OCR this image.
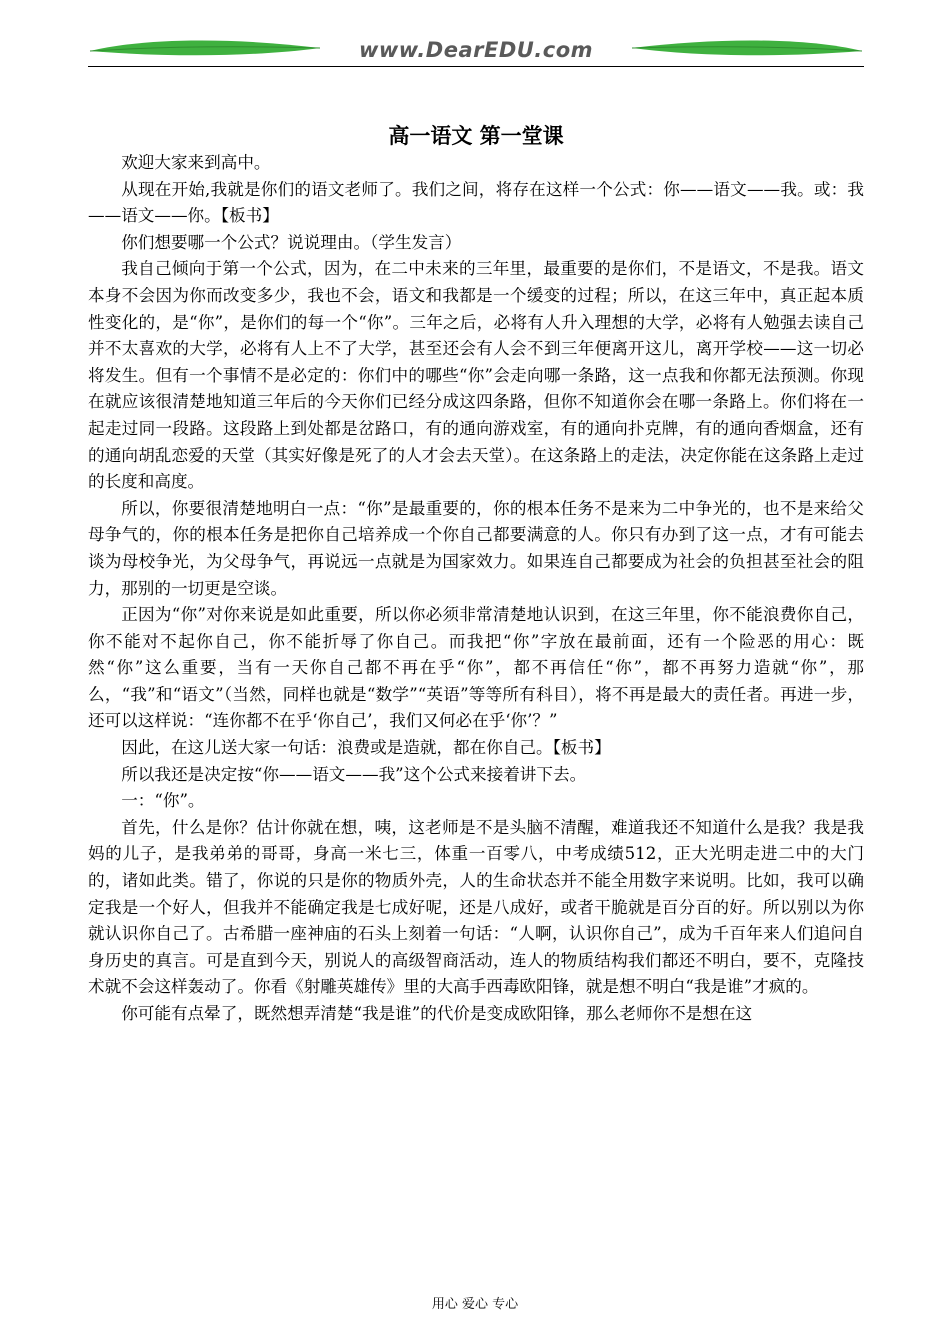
www.DearEDU.com
高一语文 第一堂课

欢迎大家来到高中。

从现在开始,我就是你们的语文老师了。我们之间，将存在这样一个公式：你——语文——我。或：我——语文——你。【板书】

你们想要哪一个公式？说说理由。（学生发言）

我自己倾向于第一个公式，因为，在二中未来的三年里，最重要的是你们，不是语文，不是我。语文本身不会因为你而改变多少，我也不会，语文和我都是一个缓变的过程；所以，在这三年中，真正起本质性变化的，是“你”，是你们的每一个“你”。三年之后，必将有人升入理想的大学，必将有人勉强去读自己并不太喜欢的大学，必将有人上不了大学，甚至还会有人会不到三年便离开这儿，离开学校——这一切必将发生。但有一个事情不是必定的：你们中的哪些“你”会走向哪一条路，这一点我和你都无法预测。你现在就应该很清楚地知道三年后的今天你们已经分成这四条路，但你不知道你会在哪一条路上。你们将在一起走过同一段路。这段路上到处都是岔路口，有的通向游戏室，有的通向扑克牌，有的通向香烟盒，还有的通向胡乱恋爱的天堂（其实好像是死了的人才会去天堂）。在这条路上的走法，决定你能在这条路上走过的长度和高度。

所以，你要很清楚地明白一点：“你”是最重要的，你的根本任务不是来为二中争光的，也不是来给父母争气的，你的根本任务是把你自己培养成一个你自己都要满意的人。你只有办到了这一点，才有可能去谈为母校争光，为父母争气，再说远一点就是为国家效力。如果连自己都要成为社会的负担甚至社会的阻力，那别的一切更是空谈。

正因为“你”对你来说是如此重要，所以你必须非常清楚地认识到，在这三年里，你不能浪费你自己，你不能对不起你自己，你不能折辱了你自己。而我把“你”字放在最前面，还有一个险恶的用心：既然“你”这么重要，当有一天你自己都不再在乎“你”，都不再信任“你”，都不再努力造就“你”，那么，“我”和“语文”（当然，同样也就是“数学”“英语”等等所有科目），将不再是最大的责任者。再进一步，还可以这样说：“连你都不在乎‘你自己’，我们又何必在乎‘你’？”

因此，在这儿送大家一句话：浪费或是造就，都在你自己。【板书】

所以我还是决定按“你——语文——我”这个公式来接着讲下去。

一：“你”。

首先，什么是你？估计你就在想，咦，这老师是不是头脑不清醒，难道我还不知道什么是我？我是我妈的儿子，是我弟弟的哥哥，身高一米七三，体重一百零八，中考成绩512，正大光明走进二中的大门的，诸如此类。错了，你说的只是你的物质外壳，人的生命状态并不能全用数字来说明。比如，我可以确定我是一个好人，但我并不能确定我是七成好呢，还是八成好，或者干脆就是百分百的好。所以别以为你就认识你自己了。古希腊一座神庙的石头上刻着一句话：“人啊，认识你自己”，成为千百年来人们追问自身历史的真言。可是直到今天，别说人的高级智商活动，连人的物质结构我们都还不明白，要不，克隆技术就不会这样轰动了。你看《射雕英雄传》里的大高手西毒欧阳锋，就是想不明白“我是谁”才疯的。

你可能有点晕了，既然想弄清楚“我是谁”的代价是变成欧阳锋，那么老师你不是想在这

用心 爱心 专心
